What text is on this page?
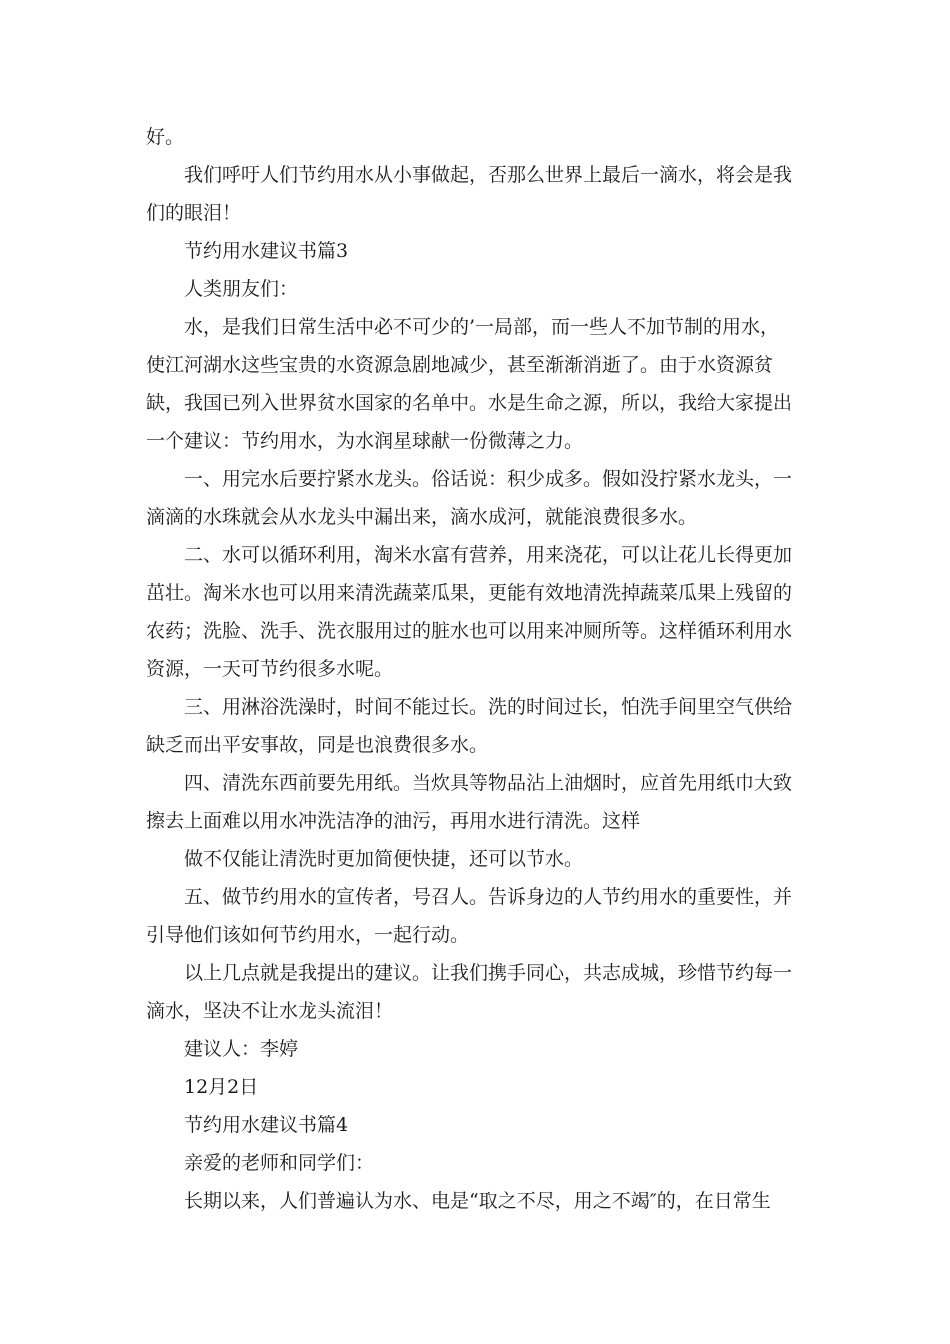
好。
我们呼吁人们节约用水从小事做起，否那么世界上最后一滴水，将会是我
们的眼泪！
节约用水建议书篇3
人类朋友们：
水，是我们日常生活中必不可少的’一局部，而一些人不加节制的用水，
使江河湖水这些宝贵的水资源急剧地减少，甚至渐渐消逝了。由于水资源贫
缺，我国已列入世界贫水国家的名单中。水是生命之源，所以，我给大家提出
一个建议：节约用水，为水润星球献一份微薄之力。
一、用完水后要拧紧水龙头。俗话说：积少成多。假如没拧紧水龙头，一
滴滴的水珠就会从水龙头中漏出来，滴水成河，就能浪费很多水。
二、水可以循环利用，淘米水富有营养，用来浇花，可以让花儿长得更加
茁壮。淘米水也可以用来清洗蔬菜瓜果，更能有效地清洗掉蔬菜瓜果上残留的
农药；洗脸、洗手、洗衣服用过的脏水也可以用来冲厕所等。这样循环利用水
资源，一天可节约很多水呢。
三、用淋浴洗澡时，时间不能过长。洗的时间过长，怕洗手间里空气供给
缺乏而出平安事故，同是也浪费很多水。
四、清洗东西前要先用纸。当炊具等物品沾上油烟时，应首先用纸巾大致
擦去上面难以用水冲洗洁净的油污，再用水进行清洗。这样
做不仅能让清洗时更加简便快捷，还可以节水。
五、做节约用水的宣传者，号召人。告诉身边的人节约用水的重要性，并
引导他们该如何节约用水，一起行动。
以上几点就是我提出的建议。让我们携手同心，共志成城，珍惜节约每一
滴水，坚决不让水龙头流泪！
建议人：李婷
12月2日
节约用水建议书篇4
亲爱的老师和同学们：
长期以来，人们普遍认为水、电是“取之不尽，用之不竭″的，在日常生
